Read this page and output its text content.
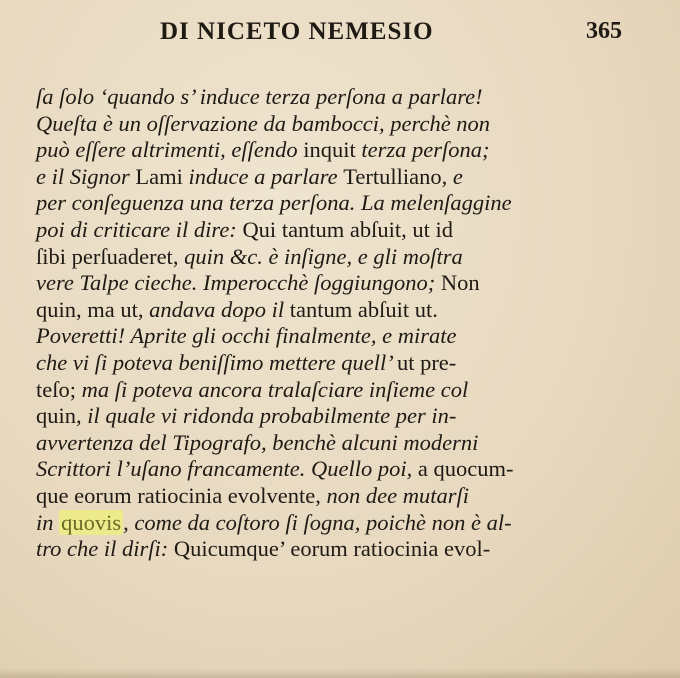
DI NICETO NEMESIO	365
ſa ſolo ‘quando s’ induce terza perſona a parlare!
Queſta è un oſſervazione da bambocci, perchè non
può eſſere altrimenti, eſſendo inquit terza perſona;
e il Signor Lami induce a parlare Tertulliano, e
per conſeguenza una terza perſona. La melenſaggine
poi di criticare il dire: Qui tantum abſuit, ut id
ſibi perſuaderet, quin &c. è inſigne, e gli moſtra
vere Talpe cieche. Imperocchè ſoggiungono; Non
quin, ma ut, andava dopo il tantum abſuit ut.
Poveretti! Aprite gli occhi finalmente, e mirate
che vi ſi poteva beniſſimo mettere quell’ ut pre-
teſo; ma ſi poteva ancora tralaſciare inſieme col
quin, il quale vi ridonda probabilmente per in-
avvertenza del Tipografo, benchè alcuni moderni
Scrittori l’uſano francamente. Quello poi, a quocum-
que eorum ratiocinia evolvente, non dee mutarſi
in quovis, come da coſtoro ſi ſogna, poichè non è al-
tro che il dirſi: Quicumque’ eorum ratiocinia evol-
